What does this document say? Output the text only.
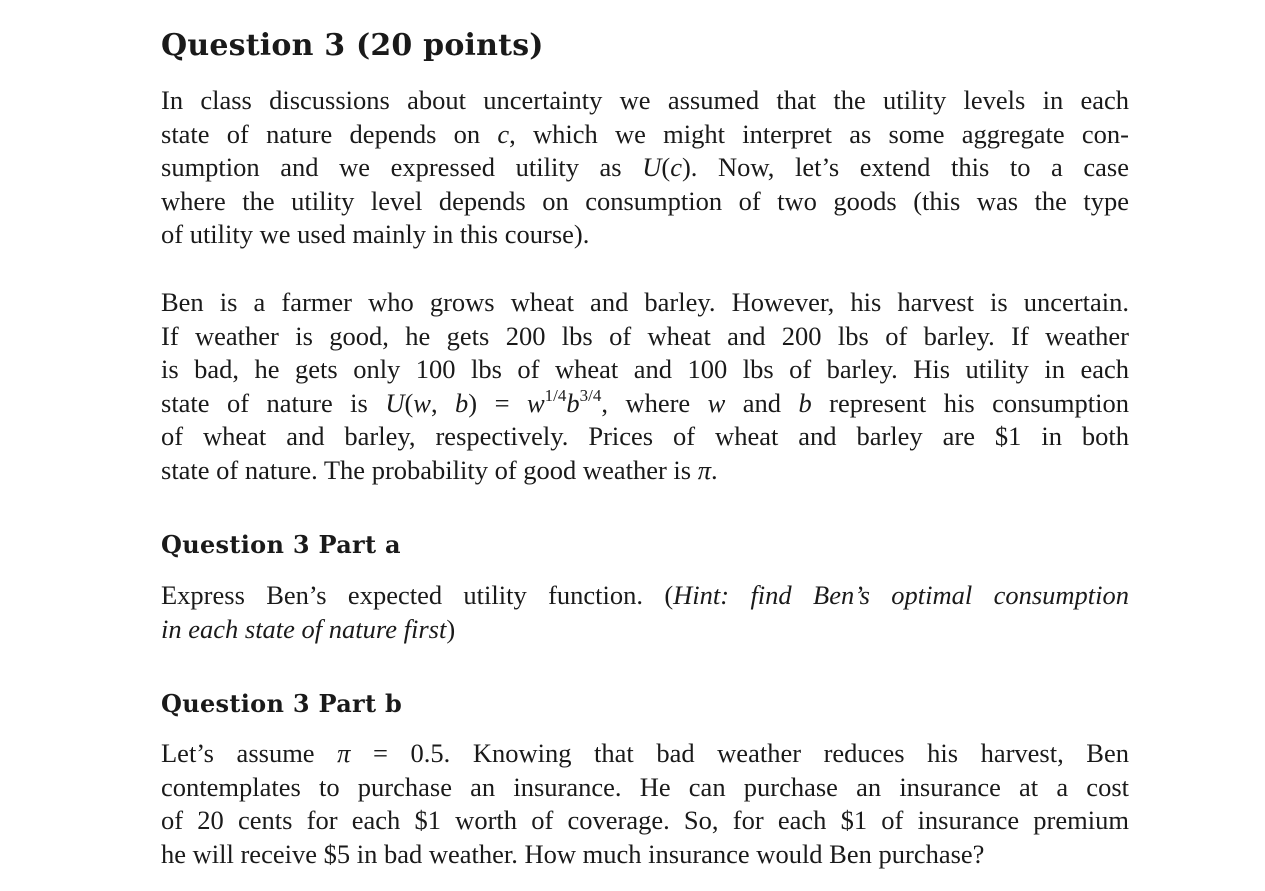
Question 3 (20 points)

In class discussions about uncertainty we assumed that the utility levels in each
state of nature depends on c, which we might interpret as some aggregate con-
sumption and we expressed utility as U(c). Now, let’s extend this to a case
where the utility level depends on consumption of two goods (this was the type
of utility we used mainly in this course).

Ben is a farmer who grows wheat and barley. However, his harvest is uncertain.
If weather is good, he gets 200 lbs of wheat and 200 lbs of barley. If weather
is bad, he gets only 100 lbs of wheat and 100 lbs of barley. His utility in each
state of nature is U(w, $b) = w^{1/4}b^{3/4}$, where w and b represent his consumption
of wheat and barley, respectively. Prices of wheat and barley are $1 in both
state of nature. The probability of good weather is π.

Question 3 Part a

Express Ben’s expected utility function. (Hint: find Ben’s optimal consumption
in each state of nature first)

Question 3 Part b

Let’s assume π = 0.5. Knowing that bad weather reduces his harvest, Ben
contemplates to purchase an insurance. He can purchase an insurance at a cost
of 20 cents for each $1 worth of coverage. So, for each $1 of insurance premium
he will receive $5 in bad weather. How much insurance would Ben purchase?
